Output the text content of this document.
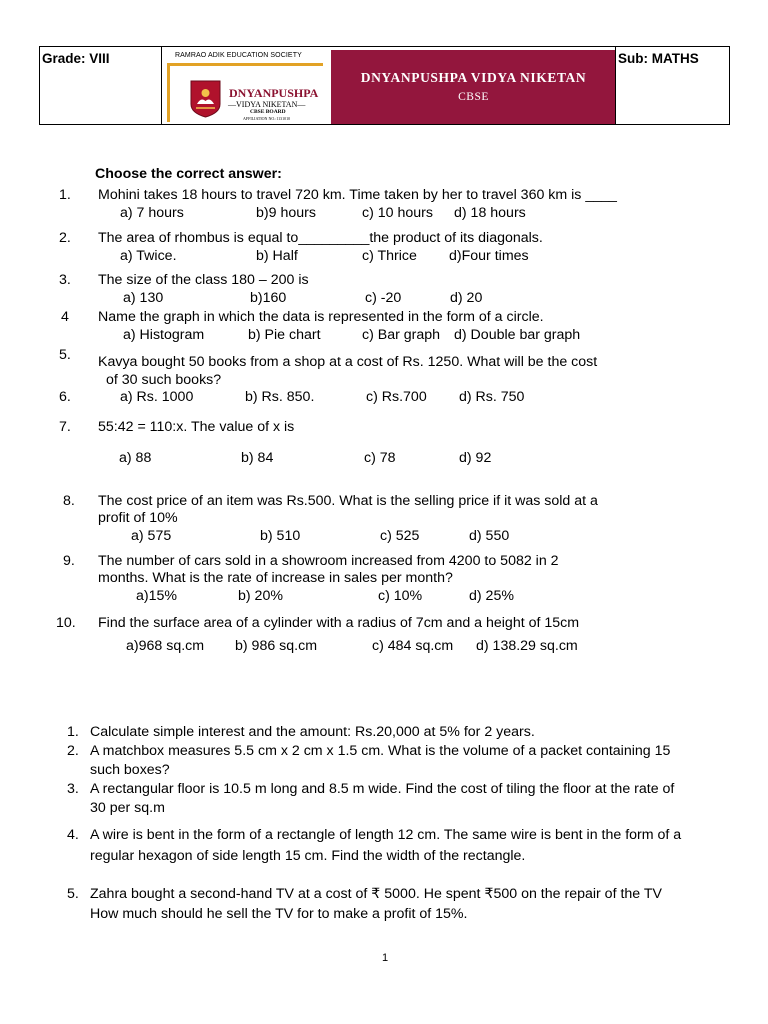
Grade: VIII	RAMRAO ADIK EDUCATION SOCIETY
DNYANPUSHPA
—VIDYA NIKETAN—
CBSE BOARD
AFFILIATION NO.:1131010
DNYANPUSHPA VIDYA NIKETAN
CBSE
Sub: MATHS
Choose the correct answer:
1. Mohini takes 18 hours to travel 720 km. Time taken by her to travel 360 km is ____
a) 7 hours	b)9 hours	c) 10 hours d) 18 hours
2. The area of rhombus is equal to_________the product of its diagonals.
a) Twice.	b) Half	c) Thrice d)Four times
3. The size of the class 180 – 200 is
a) 130	b)160	c) -20	d) 20
4 Name the graph in which the data is represented in the form of a circle.
a) Histogram	b) Pie chart	c) Bar graph d) Double bar graph
5. Kavya bought 50 books from a shop at a cost of Rs. 1250. What will be the cost
of 30 such books?
6.	a) Rs. 1000	b) Rs. 850.	c) Rs.700 d) Rs. 750
7. 55:42 = 110:x. The value of x is
a) 88	b) 84	c) 78	d) 92
8. The cost price of an item was Rs.500. What is the selling price if it was sold at a
profit of 10%
a) 575	b) 510	c) 525	d) 550
9. The number of cars sold in a showroom increased from 4200 to 5082 in 2
months. What is the rate of increase in sales per month?
a)15%	b) 20%	c) 10%	d) 25%
10. Find the surface area of a cylinder with a radius of 7cm and a height of 15cm
a)968 sq.cm b) 986 sq.cm	c) 484 sq.cm d) 138.29 sq.cm
1. Calculate simple interest and the amount: Rs.20,000 at 5% for 2 years.
2. A matchbox measures 5.5 cm x 2 cm x 1.5 cm. What is the volume of a packet containing 15
such boxes?
3. A rectangular floor is 10.5 m long and 8.5 m wide. Find the cost of tiling the floor at the rate of
30 per sq.m
4. A wire is bent in the form of a rectangle of length 12 cm. The same wire is bent in the form of a
regular hexagon of side length 15 cm. Find the width of the rectangle.
5. Zahra bought a second-hand TV at a cost of ₹ 5000. He spent ₹500 on the repair of the TV
How much should he sell the TV for to make a profit of 15%.
1
